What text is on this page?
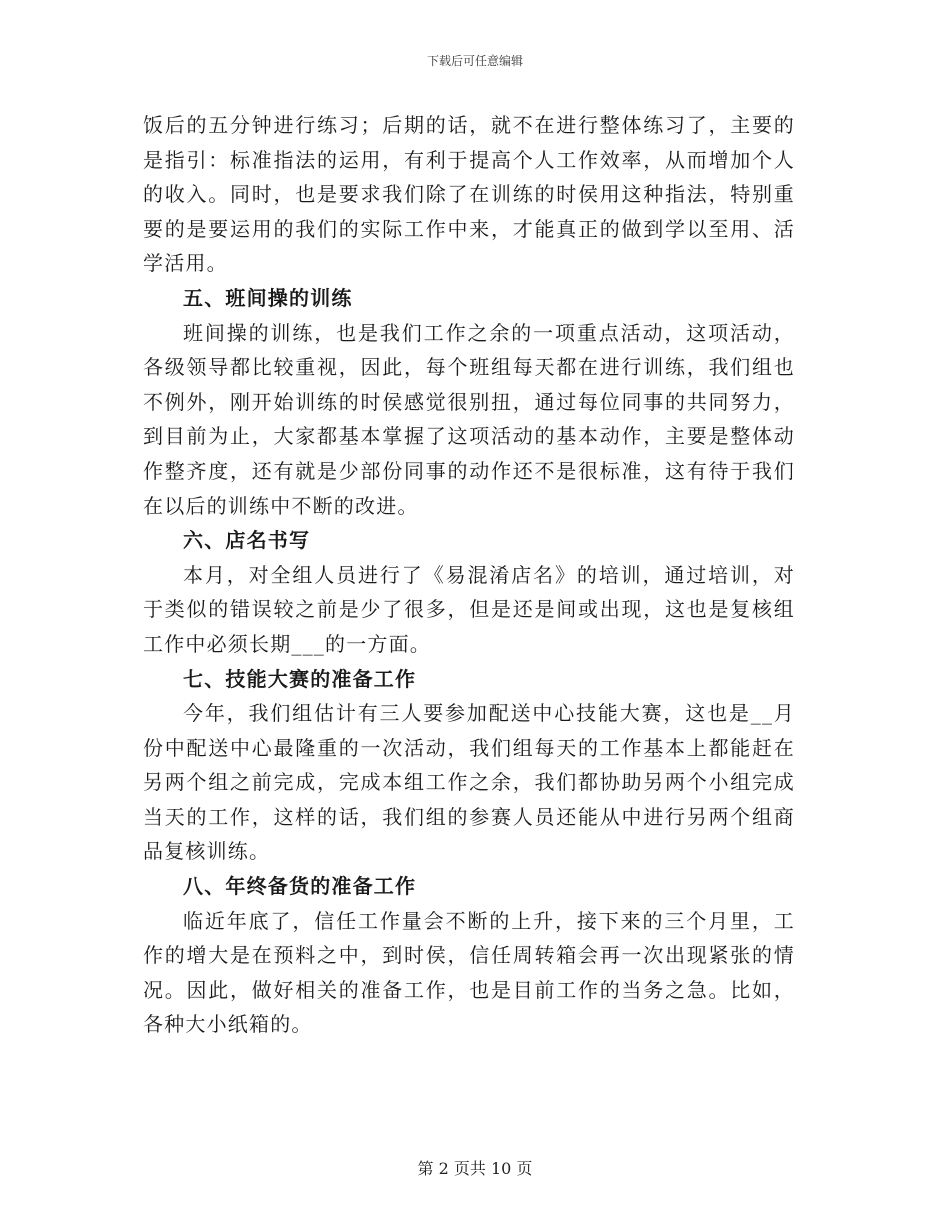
下载后可任意编辑

饭后的五分钟进行练习；后期的话，就不在进行整体练习了，主要的是指引：标准指法的运用，有利于提高个人工作效率，从而增加个人的收入。同时，也是要求我们除了在训练的时侯用这种指法，特别重要的是要运用的我们的实际工作中来，才能真正的做到学以至用、活学活用。

五、班间操的训练

班间操的训练，也是我们工作之余的一项重点活动，这项活动，各级领导都比较重视，因此，每个班组每天都在进行训练，我们组也不例外，刚开始训练的时侯感觉很别扭，通过每位同事的共同努力，到目前为止，大家都基本掌握了这项活动的基本动作，主要是整体动作整齐度，还有就是少部份同事的动作还不是很标准，这有待于我们在以后的训练中不断的改进。

六、店名书写

本月，对全组人员进行了《易混淆店名》的培训，通过培训，对于类似的错误较之前是少了很多，但是还是间或出现，这也是复核组工作中必须长期___的一方面。

七、技能大赛的准备工作

今年，我们组估计有三人要参加配送中心技能大赛，这也是__月份中配送中心最隆重的一次活动，我们组每天的工作基本上都能赶在另两个组之前完成，完成本组工作之余，我们都协助另两个小组完成当天的工作，这样的话，我们组的参赛人员还能从中进行另两个组商品复核训练。

八、年终备货的准备工作

临近年底了，信任工作量会不断的上升，接下来的三个月里，工作的增大是在预料之中，到时侯，信任周转箱会再一次出现紧张的情况。因此，做好相关的准备工作，也是目前工作的当务之急。比如，各种大小纸箱的。

第 2 页共 10 页
